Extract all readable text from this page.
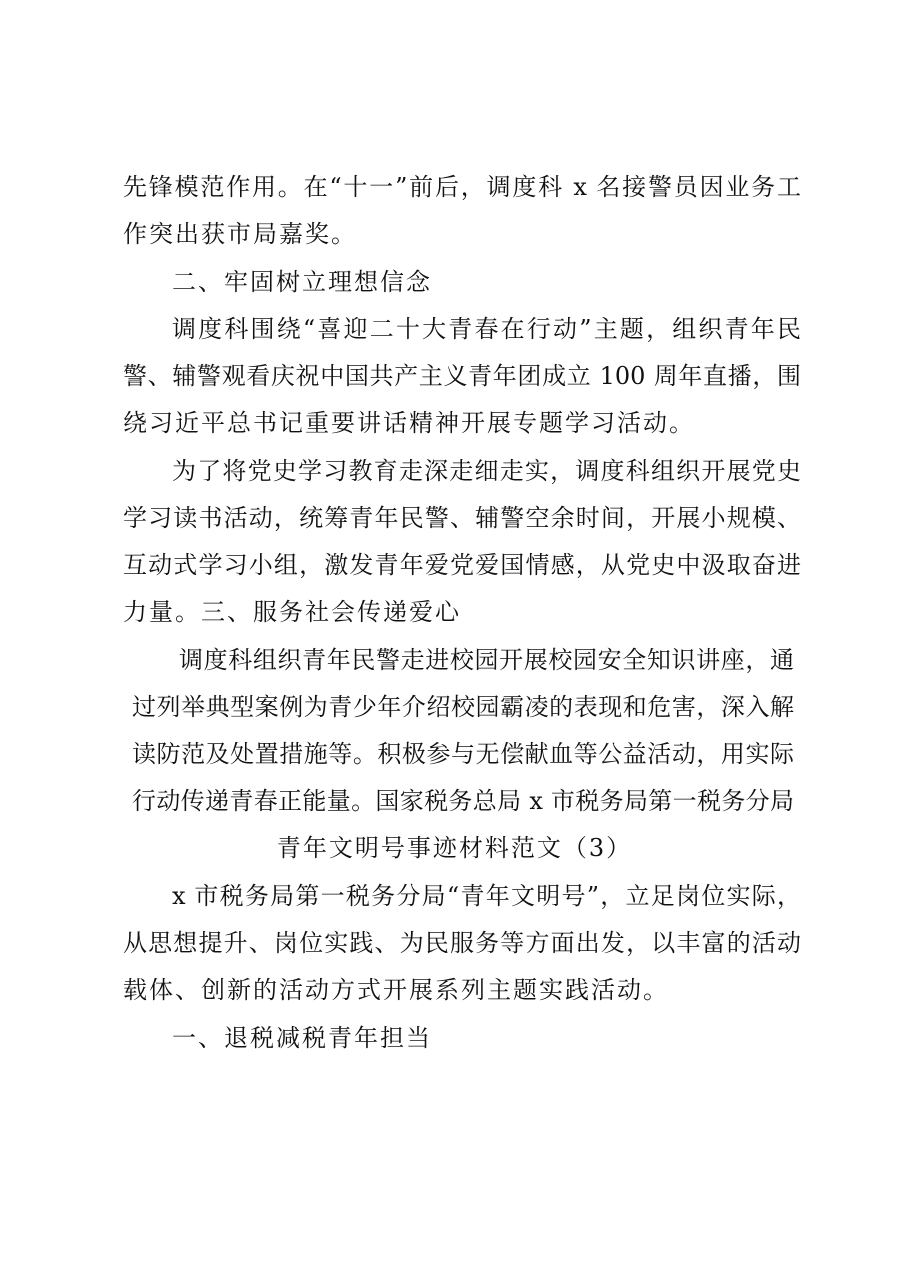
先锋模范作用。在“十一”前后，调度科 x 名接警员因业务工
作突出获市局嘉奖。
二、牢固树立理想信念
调度科围绕“喜迎二十大青春在行动”主题，组织青年民
警、辅警观看庆祝中国共产主义青年团成立 100 周年直播，围
绕习近平总书记重要讲话精神开展专题学习活动。
为了将党史学习教育走深走细走实，调度科组织开展党史
学习读书活动，统筹青年民警、辅警空余时间，开展小规模、
互动式学习小组，激发青年爱党爱国情感，从党史中汲取奋进
力量。三、服务社会传递爱心
调度科组织青年民警走进校园开展校园安全知识讲座，通
过列举典型案例为青少年介绍校园霸凌的表现和危害，深入解
读防范及处置措施等。积极参与无偿献血等公益活动，用实际
行动传递青春正能量。国家税务总局 x 市税务局第一税务分局
青年文明号事迹材料范文（3）
x 市税务局第一税务分局“青年文明号”，立足岗位实际，
从思想提升、岗位实践、为民服务等方面出发，以丰富的活动
载体、创新的活动方式开展系列主题实践活动。
一、退税减税青年担当
